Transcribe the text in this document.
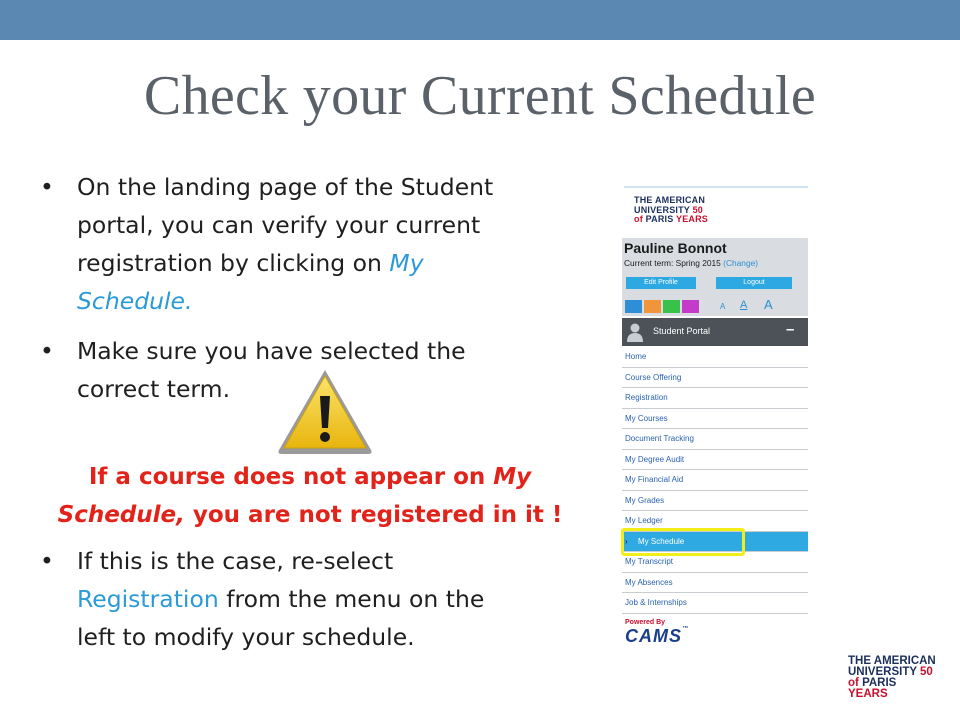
Check your Current Schedule
• On the landing page of the Student
portal, you can verify your current
registration by clicking on My
Schedule.
• Make sure you have selected the
correct term.
• If this is the case, re-select
Registration from the menu on the
left to modify your schedule.
If a course does not appear on My
Schedule, you are not registered in it !
THE AMERICAN
UNIVERSITY 50
of PARIS YEARS
Pauline Bonnot
Current term: Spring 2015 (Change)
Edit Profile	Logout
A A A
Student Portal	–
Home
Course Offering
Registration
My Courses
Document Tracking
My Degree Audit
My Financial Aid
My Grades
My Ledger
› My Schedule
My Transcript
My Absences
Job & Internships
Powered By
CAMS™
THE AMERICAN
UNIVERSITY 50
of PARIS YEARS
